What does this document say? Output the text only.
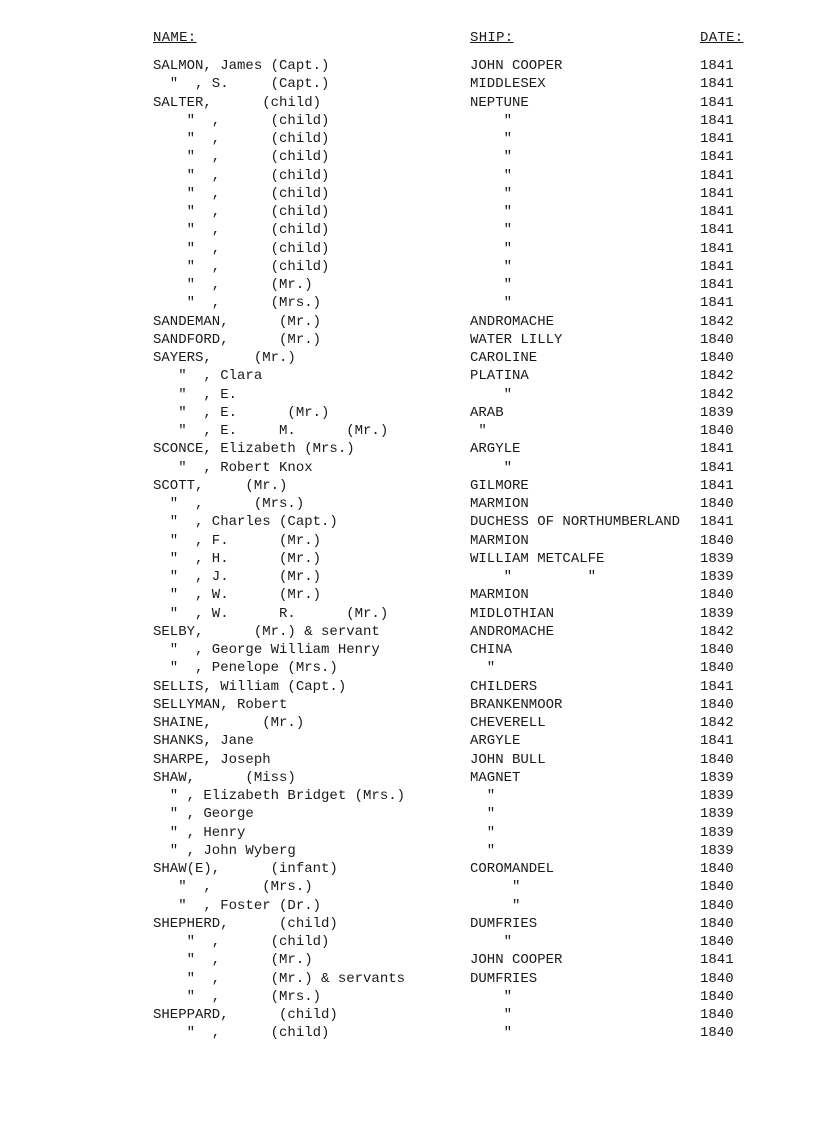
NAME:	SHIP:	DATE:
SALMON, James (Capt.)	JOHN COOPER	1841
"  , S.     (Capt.)	MIDDLESEX	1841
SALTER,      (child)	NEPTUNE	1841
"  ,      (child)	"	1841
"  ,      (child)	"	1841
"  ,      (child)	"	1841
"  ,      (child)	"	1841
"  ,      (child)	"	1841
"  ,      (child)	"	1841
"  ,      (child)	"	1841
"  ,      (child)	"	1841
"  ,      (child)	"	1841
"  ,      (Mr.)	"	1841
"  ,      (Mrs.)	"	1841
SANDEMAN,      (Mr.)	ANDROMACHE	1842
SANDFORD,      (Mr.)	WATER LILLY	1840
SAYERS,     (Mr.)	CAROLINE	1840
"  , Clara	PLATINA	1842
"  , E.	"	1842
"  , E.      (Mr.)	ARAB	1839
"  , E.     M.      (Mr.)	"	1840
SCONCE, Elizabeth (Mrs.)	ARGYLE	1841
"  , Robert Knox	"	1841
SCOTT,     (Mr.)	GILMORE	1841
"  ,      (Mrs.)	MARMION	1840
"  , Charles (Capt.)	DUCHESS OF NORTHUMBERLAND 1841
"  , F.      (Mr.)	MARMION	1840
"  , H.      (Mr.)	WILLIAM METCALFE	1839
"  , J.      (Mr.)	"         "	1839
"  , W.      (Mr.)	MARMION	1840
"  , W.      R.      (Mr.)	MIDLOTHIAN	1839
SELBY,      (Mr.) & servant	ANDROMACHE	1842
"  , George William Henry	CHINA	1840
"  , Penelope (Mrs.)	"	1840
SELLIS, William (Capt.)	CHILDERS	1841
SELLYMAN, Robert	BRANKENMOOR	1840
SHAINE,      (Mr.)	CHEVERELL	1842
SHANKS, Jane	ARGYLE	1841
SHARPE, Joseph	JOHN BULL	1840
SHAW,      (Miss)	MAGNET	1839
" , Elizabeth Bridget (Mrs.)	"	1839
" , George	"	1839
" , Henry	"	1839
" , John Wyberg	"	1839
SHAW(E),      (infant)	COROMANDEL	1840
"  ,      (Mrs.)	"	1840
"  , Foster (Dr.)	"	1840
SHEPHERD,      (child)	DUMFRIES	1840
"  ,      (child)	"	1840
"  ,      (Mr.)	JOHN COOPER	1841
"  ,      (Mr.) & servants	DUMFRIES	1840
"  ,      (Mrs.)	"	1840
SHEPPARD,      (child)	"	1840
"  ,      (child)	"	1840
